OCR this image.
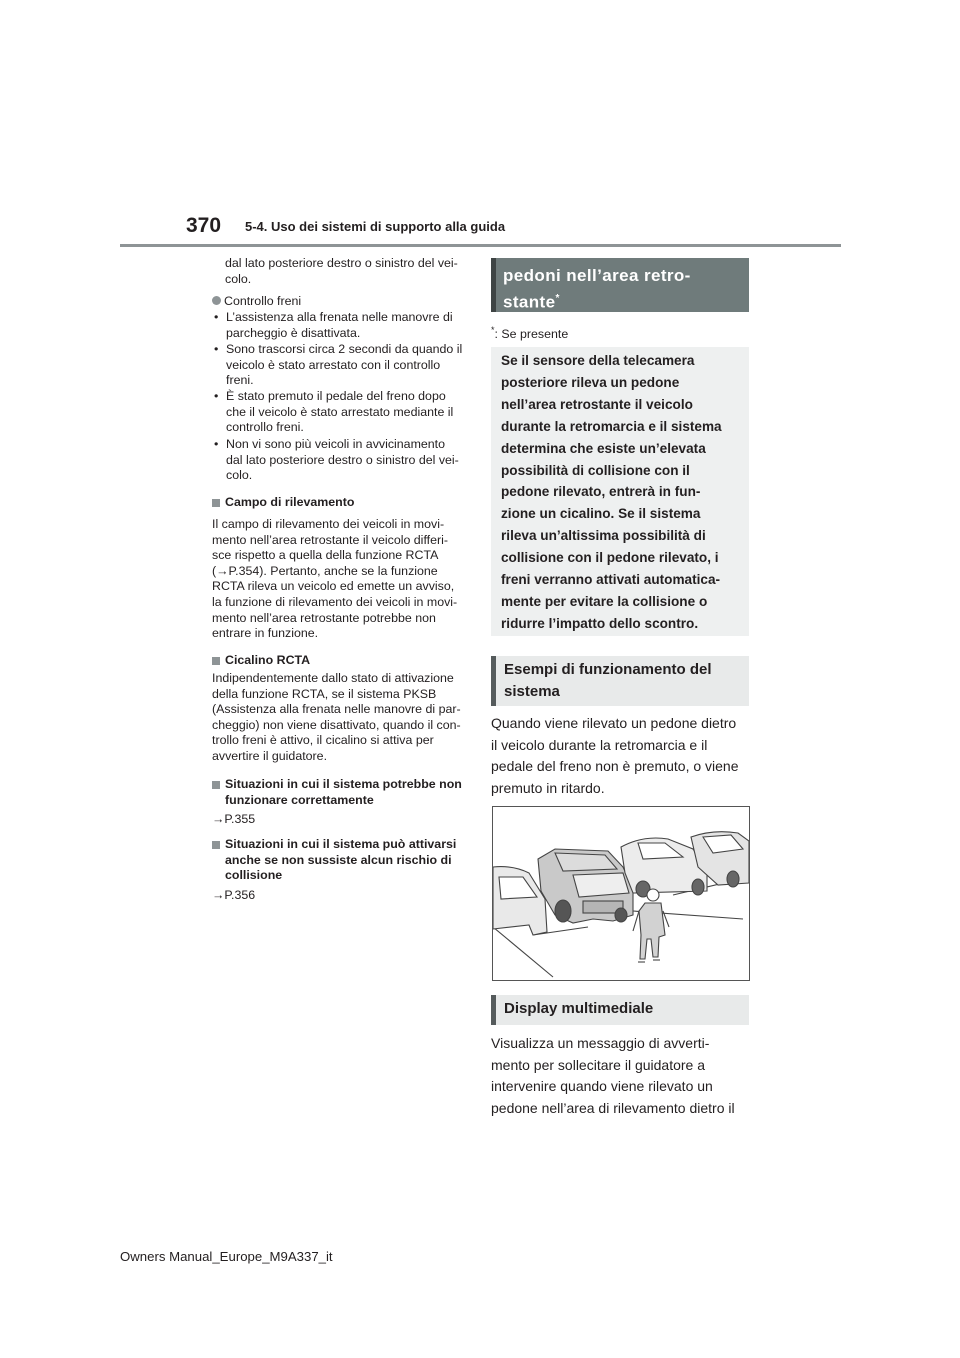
370 5-4. Uso dei sistemi di supporto alla guida
dal lato posteriore destro o sinistro del vei-
colo.
Controllo freni
• L’assistenza alla frenata nelle manovre di
parcheggio è disattivata.
• Sono trascorsi circa 2 secondi da quando il
veicolo è stato arrestato con il controllo
freni.
• È stato premuto il pedale del freno dopo
che il veicolo è stato arrestato mediante il
controllo freni.
• Non vi sono più veicoli in avvicinamento
dal lato posteriore destro o sinistro del vei-
colo.
Campo di rilevamento
Il campo di rilevamento dei veicoli in movi-
mento nell’area retrostante il veicolo differi-
sce rispetto a quella della funzione RCTA
(→P.354). Pertanto, anche se la funzione
RCTA rileva un veicolo ed emette un avviso,
la funzione di rilevamento dei veicoli in movi-
mento nell’area retrostante potrebbe non
entrare in funzione.
Cicalino RCTA
Indipendentemente dallo stato di attivazione
della funzione RCTA, se il sistema PKSB
(Assistenza alla frenata nelle manovre di par-
cheggio) non viene disattivato, quando il con-
trollo freni è attivo, il cicalino si attiva per
avvertire il guidatore.
Situazioni in cui il sistema potrebbe non
funzionare correttamente
→P.355
Situazioni in cui il sistema può attivarsi
anche se non sussiste alcun rischio di
collisione
→P.356
pedoni nell’area retro-
stante*
*: Se presente
Se il sensore della telecamera
posteriore rileva un pedone
nell’area retrostante il veicolo
durante la retromarcia e il sistema
determina che esiste un’elevata
possibilità di collisione con il
pedone rilevato, entrerà in fun-
zione un cicalino. Se il sistema
rileva un’altissima possibilità di
collisione con il pedone rilevato, i
freni verranno attivati automatica-
mente per evitare la collisione o
ridurre l’impatto dello scontro.
Esempi di funzionamento del
sistema
Quando viene rilevato un pedone dietro
il veicolo durante la retromarcia e il
pedale del freno non è premuto, o viene
premuto in ritardo.
Display multimediale
Visualizza un messaggio di avverti-
mento per sollecitare il guidatore a
intervenire quando viene rilevato un
pedone nell’area di rilevamento dietro il
Owners Manual_Europe_M9A337_it
